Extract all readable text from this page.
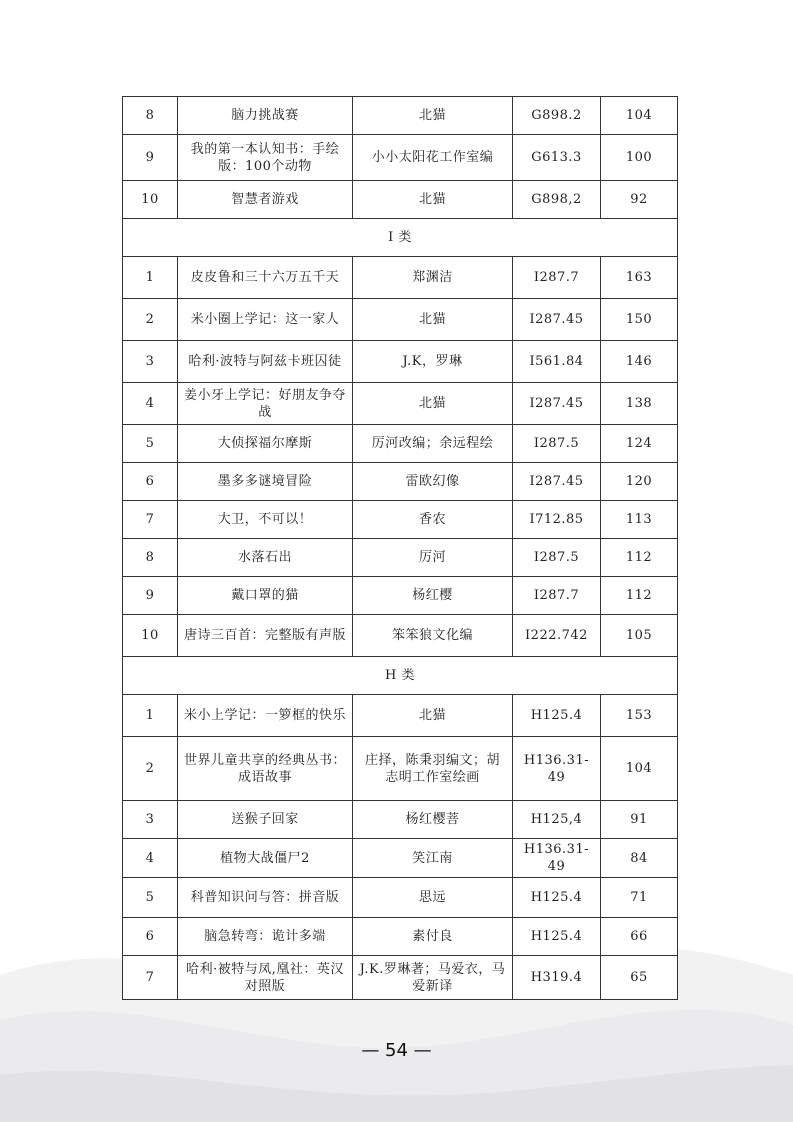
8	脑力挑战赛	北猫	G898.2	104
9	我的第一本认知书：手绘版：100个动物	小小太阳花工作室编	G613.3	100
10	智慧者游戏	北猫	G898,2	92
I 类				
1	皮皮鲁和三十六万五千天	郑渊洁	I287.7	163
2	米小圈上学记：这一家人	北猫	I287.45	150
3	哈利·波特与阿兹卡班囚徒	J.K，罗琳	I561.84	146
4	姜小牙上学记：好朋友争夺战	北猫	I287.45	138
5	大侦探福尔摩斯	厉河改编；余远程绘	I287.5	124
6	墨多多谜境冒险	雷欧幻像	I287.45	120
7	大卫，不可以！	香农	I712.85	113
8	水落石出	厉河	I287.5	112
9	戴口罩的猫	杨红樱	I287.7	112
10	唐诗三百首：完整版有声版	笨笨狼文化编	I222.742	105
H 类				
1	米小上学记：一箩框的快乐	北猫	H125.4	153
2	世界儿童共享的经典丛书：成语故事	庄择，陈秉羽编文；胡志明工作室绘画	H136.31-49	104
3	送猴子回家	杨红樱菩	H125,4	91
4	植物大战僵尸2	笑江南	H136.31-49	84
5	科普知识问与答：拼音版	思远	H125.4	71
6	脑急转弯：诡计多端	素付良	H125.4	66
7	哈利·被特与凤,凰社：英汉对照版	J.K.罗琳著；马爱衣，马爱新译	H319.4	65
— 54 —
